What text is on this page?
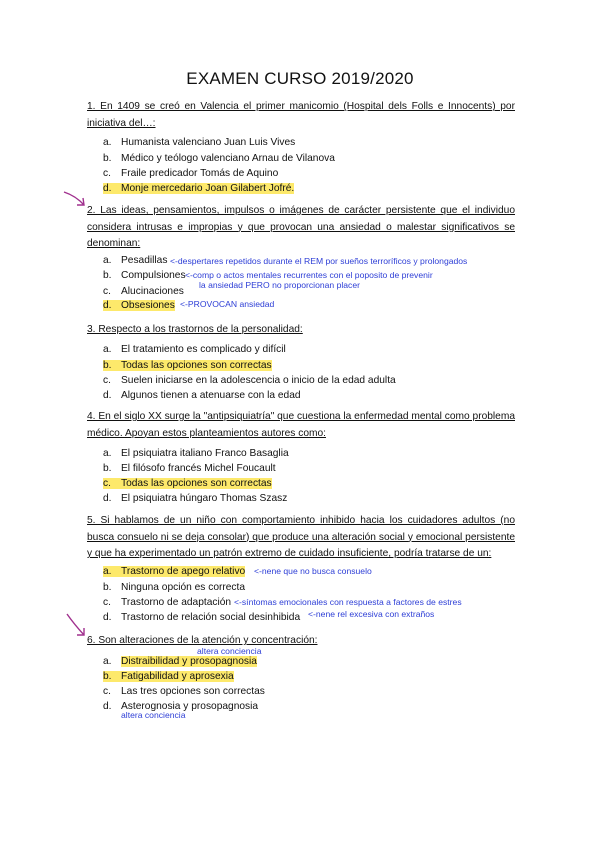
EXAMEN CURSO 2019/2020
1. En 1409 se creó en Valencia el primer manicomio (Hospital dels Folls e Innocents) por iniciativa del…:
a. Humanista valenciano Juan Luis Vives
b. Médico y teólogo valenciano Arnau de Vilanova
c. Fraile predicador Tomás de Aquino
d. Monje mercedario Joan Gilabert Jofré.
2. Las ideas, pensamientos, impulsos o imágenes de carácter persistente que el individuo considera intrusas e impropias y que provocan una ansiedad o malestar significativos se denominan:
a. Pesadillas
b. Compulsiones
c. Alucinaciones
d. Obsesiones
<-despertares repetidos durante el REM por sueños terroríficos y prolongados
<-comp o actos mentales recurrentes con el poposito de prevenir
la ansiedad PERO no proporcionan placer
<-PROVOCAN ansiedad
3. Respecto a los trastornos de la personalidad:
a. El tratamiento es complicado y difícil
b. Todas las opciones son correctas
c. Suelen iniciarse en la adolescencia o inicio de la edad adulta
d. Algunos tienen a atenuarse con la edad
4. En el siglo XX surge la "antipsiquiatría" que cuestiona la enfermedad mental como problema médico. Apoyan estos planteamientos autores como:
a. El psiquiatra italiano Franco Basaglia
b. El filósofo francés Michel Foucault
c. Todas las opciones son correctas
d. El psiquiatra húngaro Thomas Szasz
5. Si hablamos de un niño con comportamiento inhibido hacia los cuidadores adultos (no busca consuelo ni se deja consolar) que produce una alteración social y emocional persistente y que ha experimentado un patrón extremo de cuidado insuficiente, podría tratarse de un:
a. Trastorno de apego relativo
b. Ninguna opción es correcta
c. Trastorno de adaptación
d. Trastorno de relación social desinhibida
<-nene que no busca consuelo
<-síntomas emocionales con respuesta a factores de estres
<-nene rel excesiva con extraños
6. Son alteraciones de la atención y concentración:
altera conciencia
a. Distraibilidad y prosopagnosia
b. Fatigabilidad y aprosexia
c. Las tres opciones son correctas
d. Asterognosia y prosopagnosia
altera conciencia
